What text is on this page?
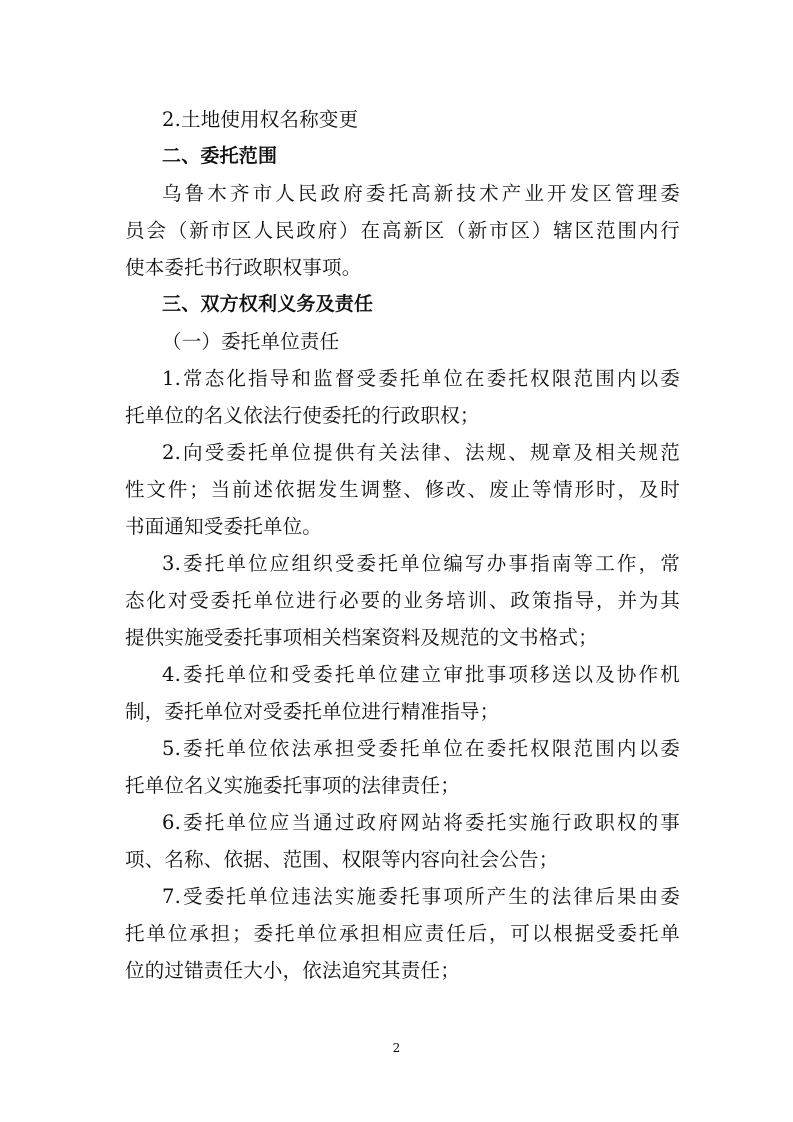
2.土地使用权名称变更
二、委托范围
乌鲁木齐市人民政府委托高新技术产业开发区管理委
员会（新市区人民政府）在高新区（新市区）辖区范围内行
使本委托书行政职权事项。
三、双方权利义务及责任
（一）委托单位责任
1.常态化指导和监督受委托单位在委托权限范围内以委
托单位的名义依法行使委托的行政职权；
2.向受委托单位提供有关法律、法规、规章及相关规范
性文件；当前述依据发生调整、修改、废止等情形时，及时
书面通知受委托单位。
3.委托单位应组织受委托单位编写办事指南等工作，常
态化对受委托单位进行必要的业务培训、政策指导，并为其
提供实施受委托事项相关档案资料及规范的文书格式；
4.委托单位和受委托单位建立审批事项移送以及协作机
制，委托单位对受委托单位进行精准指导；
5.委托单位依法承担受委托单位在委托权限范围内以委
托单位名义实施委托事项的法律责任；
6.委托单位应当通过政府网站将委托实施行政职权的事
项、名称、依据、范围、权限等内容向社会公告；
7.受委托单位违法实施委托事项所产生的法律后果由委
托单位承担；委托单位承担相应责任后，可以根据受委托单
位的过错责任大小，依法追究其责任；
2
